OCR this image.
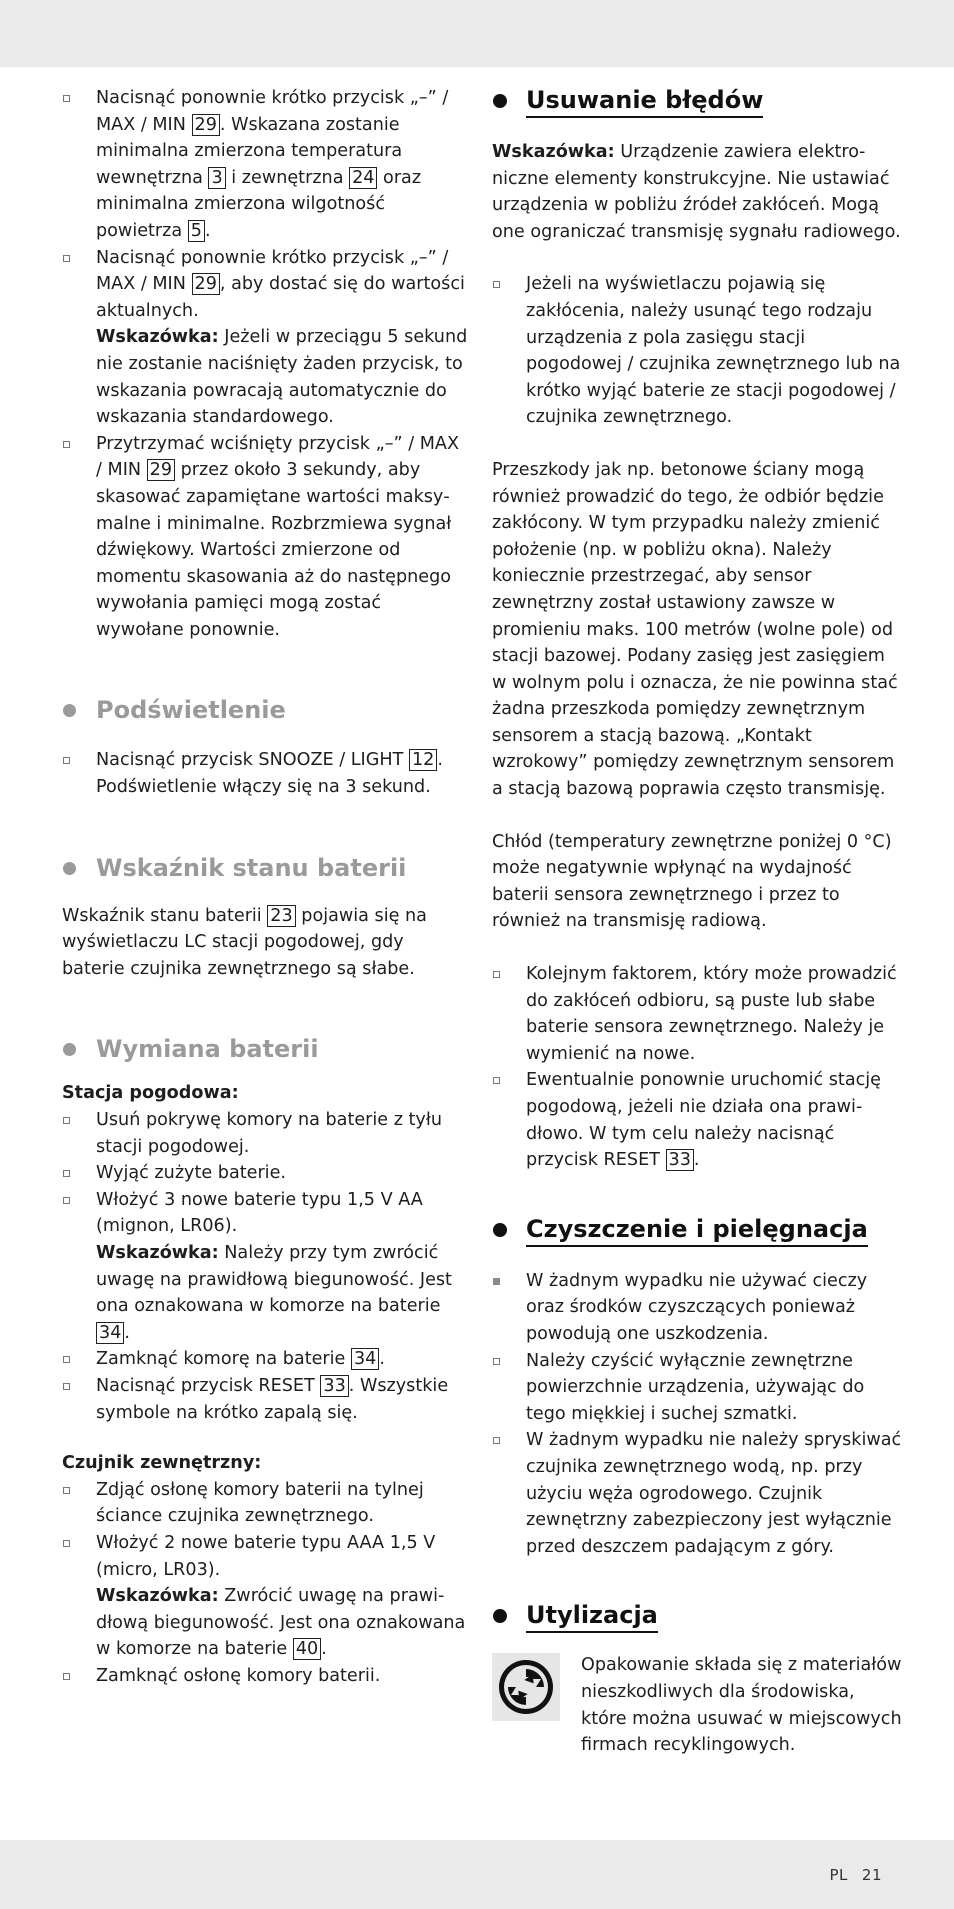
Nacisnąć ponownie krótko przycisk „–” / MAX / MIN 29 . Wskazana zostanie minimalna zmierzona temperatura wewnętrzna 3 i zewnętrzna 24 oraz minimalna zmierzona wilgotność powietrza 5 .

Nacisnąć ponownie krótko przycisk „–” / MAX / MIN 29 , aby dostać się do wartości aktualnych.
Wskazówka: Jeżeli w przeciągu 5 sekund nie zostanie naciśnięty żaden przycisk, to wskazania powracają automatycznie do wskazania standardowego.

Przytrzymać wciśnięty przycisk „–” / MAX / MIN 29 przez około 3 sekundy, aby skasować zapamiętane wartości maksymalne i minimalne. Rozbrzmiewa sygnał dźwiękowy. Wartości zmierzone od momentu skasowania aż do następnego wywołania pamięci mogą zostać wywołane ponownie.

Podświetlenie

Nacisnąć przycisk SNOOZE / LIGHT 12 . Podświetlenie włączy się na 3 sekund.

Wskaźnik stanu baterii

Wskaźnik stanu baterii 23 pojawia się na wyświetlaczu LC stacji pogodowej, gdy baterie czujnika zewnętrznego są słabe.

Wymiana baterii

Stacja pogodowa:

Usuń pokrywę komory na baterie z tyłu stacji pogodowej.

Wyjąć zużyte baterie.

Włożyć 3 nowe baterie typu 1,5 V AA (mignon, LR06).
Wskazówka: Należy przy tym zwrócić uwagę na prawidłową biegunowość. Jest ona oznakowana w komorze na baterie 34 .

Zamknąć komorę na baterie 34 .

Nacisnąć przycisk RESET 33 . Wszystkie symbole na krótko zapalą się.

Czujnik zewnętrzny:

Zdjąć osłonę komory baterii na tylnej ściance czujnika zewnętrznego.

Włożyć 2 nowe baterie typu AAA 1,5 V (micro, LR03).
Wskazówka: Zwrócić uwagę na prawidłową biegunowość. Jest ona oznakowana w komorze na baterie 40 .

Zamknąć osłonę komory baterii.

Usuwanie błędów

Wskazówka: Urządzenie zawiera elektroniczne elementy konstrukcyjne. Nie ustawiać urządzenia w pobliżu źródeł zakłóceń. Mogą one ograniczać transmisję sygnału radiowego.

Jeżeli na wyświetlaczu pojawią się zakłócenia, należy usunąć tego rodzaju urządzenia z pola zasięgu stacji pogodowej / czujnika zewnętrznego lub na krótko wyjąć baterie ze stacji pogodowej / czujnika zewnętrznego.

Przeszkody jak np. betonowe ściany mogą również prowadzić do tego, że odbiór będzie zakłócony. W tym przypadku należy zmienić położenie (np. w pobliżu okna). Należy koniecznie przestrzegać, aby sensor zewnętrzny został ustawiony zawsze w promieniu maks. 100 metrów (wolne pole) od stacji bazowej. Podany zasięg jest zasięgiem w wolnym polu i oznacza, że nie powinna stać żadna przeszkoda pomiędzy zewnętrznym sensorem a stacją bazową. „Kontakt wzrokowy” pomiędzy zewnętrznym sensorem a stacją bazową poprawia często transmisję.

Chłód (temperatury zewnętrzne poniżej 0 °C) może negatywnie wpłynąć na wydajność baterii sensora zewnętrznego i przez to również na transmisję radiową.

Kolejnym faktorem, który może prowadzić do zakłóceń odbioru, są puste lub słabe baterie sensora zewnętrznego. Należy je wymienić na nowe.

Ewentualnie ponownie uruchomić stację pogodową, jeżeli nie działa ona prawidłowo. W tym celu należy nacisnąć przycisk RESET 33 .

Czyszczenie i pielęgnacja

W żadnym wypadku nie używać cieczy oraz środków czyszczących ponieważ powodują one uszkodzenia.

Należy czyścić wyłącznie zewnętrzne powierzchnie urządzenia, używając do tego miękkiej i suchej szmatki.

W żadnym wypadku nie należy spryskiwać czujnika zewnętrznego wodą, np. przy użyciu węża ogrodowego. Czujnik zewnętrzny zabezpieczony jest wyłącznie przed deszczem padającym z góry.

Utylizacja

Opakowanie składa się z materiałów nieszkodliwych dla środowiska, które można usuwać w miejscowych firmach recyklingowych.

PL 21
